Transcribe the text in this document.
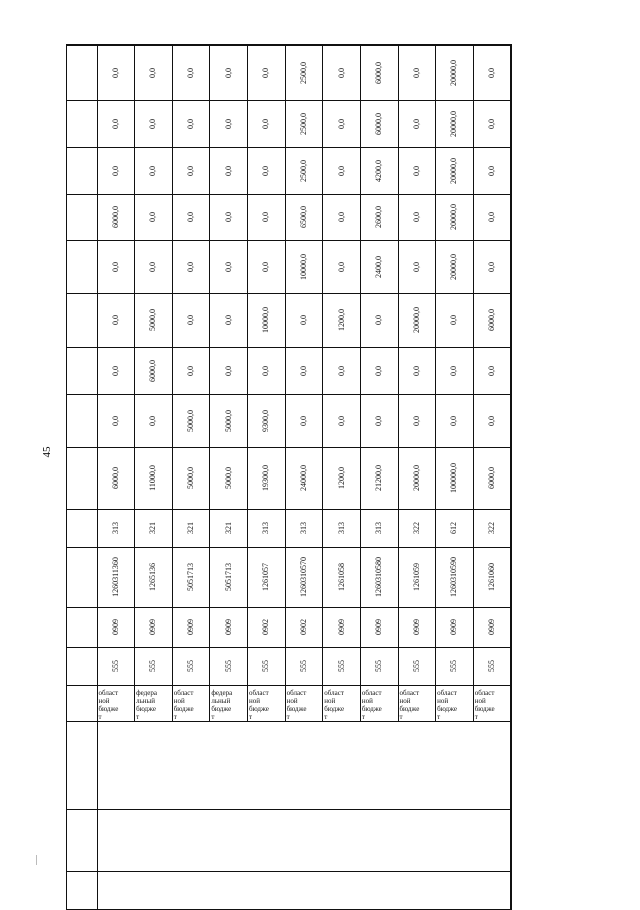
45

	0,0	0,0	0,0	0,0	0,0	2500,0	0,0	6000,0	0,0	20000,0	0,0

	0,0	0,0	0,0	0,0	0,0	2500,0	0,0	6000,0	0,0	20000,0	0,0

	0,0	0,0	0,0	0,0	0,0	2500,0	0,0	4200,0	0,0	20000,0	0,0

	6000,0	0,0	0,0	0,0	0,0	6500,0	0,0	2600,0	0,0	20000,0	0,0

	0,0	0,0	0,0	0,0	0,0	10000,0	0,0	2400,0	0,0	20000,0	0,0

	0,0	5000,0	0,0	0,0	10000,0	0,0	1200,0	0,0	20000,0	0,0	6000,0

	0,0	6000,0	0,0	0,0	0,0	0,0	0,0	0,0	0,0	0,0	0,0

	0,0	0,0	5000,0	5000,0	9300,0	0,0	0,0	0,0	0,0	0,0	0,0

	6000,0	11000,0	5000,0	5000,0	19300,0	24000,0	1200,0	21200,0	20000,0	100000,0	6000,0

	313	321	321	321	313	313	313	313	322	612	322

	1260311360	1265136	5051713	5051713	1261057	1260310570	1261058	1260310580	1261059	1260310590	1261060

	0909	0909	0909	0909	0902	0902	0909	0909	0909	0909	0909

	555	555	555	555	555	555	555	555	555	555	555

	област
ной
бюдже
т	федера
льный
бюдже
т	област
ной
бюдже
т	федера
льный
бюдже
т	област
ной
бюдже
т	област
ной
бюдже
т	област
ной
бюдже
т	област
ной
бюдже
т	област
ной
бюдже
т	област
ной
бюдже
т	област
ной
бюдже
т
